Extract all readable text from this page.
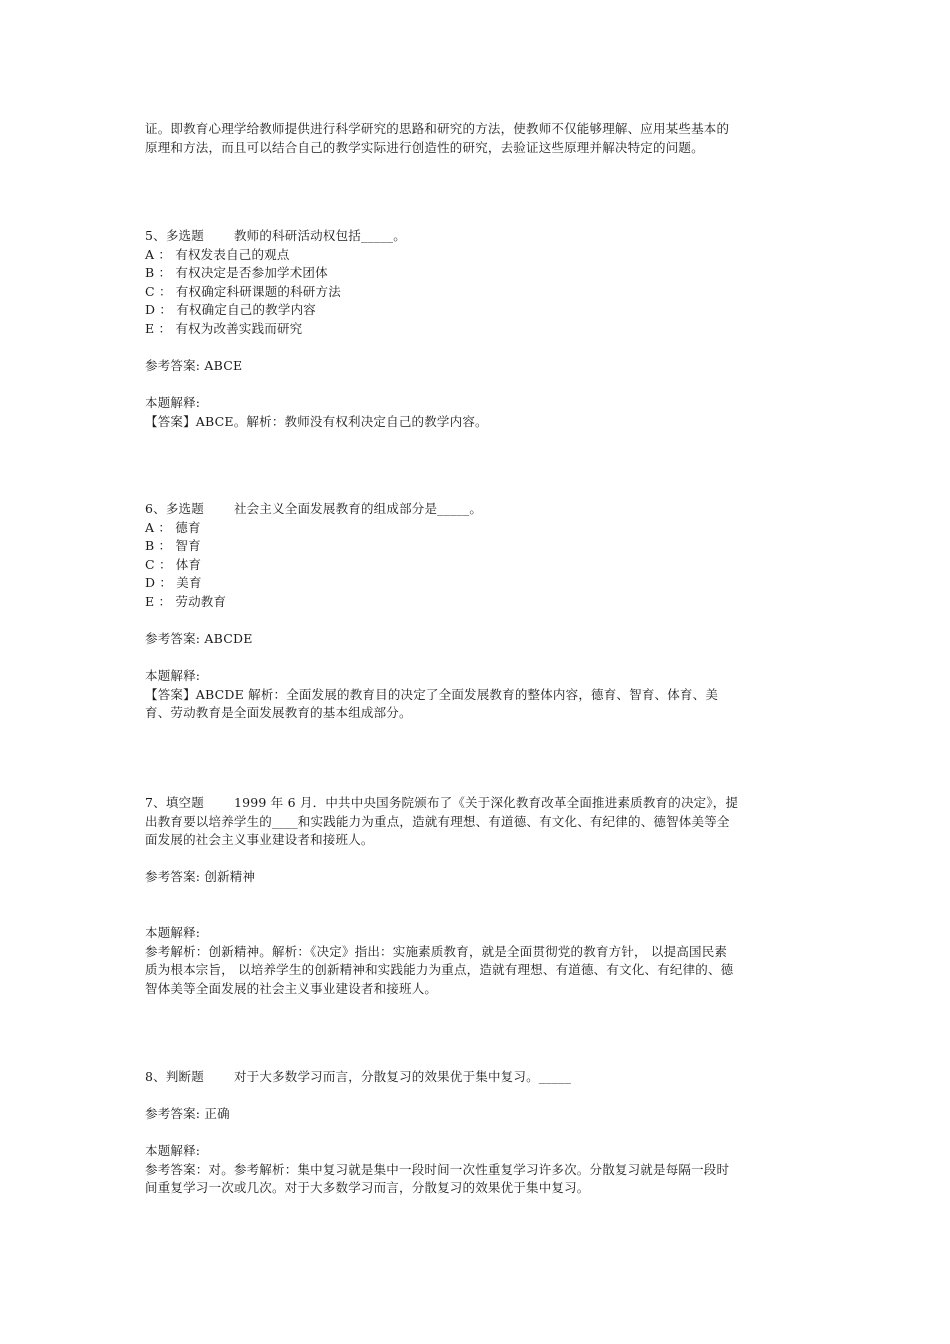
证。即教育心理学给教师提供进行科学研究的思路和研究的方法，使教师不仅能够理解、应用某些基本的
原理和方法，而且可以结合自己的教学实际进行创造性的研究，去验证这些原理并解决特定的问题。
5、多选题 教师的科研活动权包括_____。
A ： 有权发表自己的观点
B ： 有权决定是否参加学术团体
C ： 有权确定科研课题的科研方法
D ： 有权确定自己的教学内容
E ： 有权为改善实践而研究
参考答案: ABCE
本题解释:
【答案】ABCE。解析：教师没有权利决定自己的教学内容。
6、多选题 社会主义全面发展教育的组成部分是_____。
A ： 德育
B ： 智育
C ： 体育
D ： 美育
E ： 劳动教育
参考答案: ABCDE
本题解释:
【答案】ABCDE 解析：全面发展的教育目的决定了全面发展教育的整体内容，德育、智育、体育、美
育、劳动教育是全面发展教育的基本组成部分。
7、填空题 1999 年 6 月．中共中央国务院颁布了《关于深化教育改革全面推进素质教育的决定》，提
出教育要以培养学生的____和实践能力为重点，造就有理想、有道德、有文化、有纪律的、德智体美等全
面发展的社会主义事业建设者和接班人。
参考答案: 创新精神
本题解释:
参考解析：创新精神。解析：《决定》指出：实施素质教育，就是全面贯彻党的教育方针， 以提高国民素
质为根本宗旨， 以培养学生的创新精神和实践能力为重点，造就有理想、有道德、有文化、有纪律的、德
智体美等全面发展的社会主义事业建设者和接班人。
8、判断题 对于大多数学习而言，分散复习的效果优于集中复习。_____
参考答案: 正确
本题解释:
参考答案：对。参考解析：集中复习就是集中一段时间一次性重复学习许多次。分散复习就是每隔一段时
间重复学习一次或几次。对于大多数学习而言，分散复习的效果优于集中复习。
